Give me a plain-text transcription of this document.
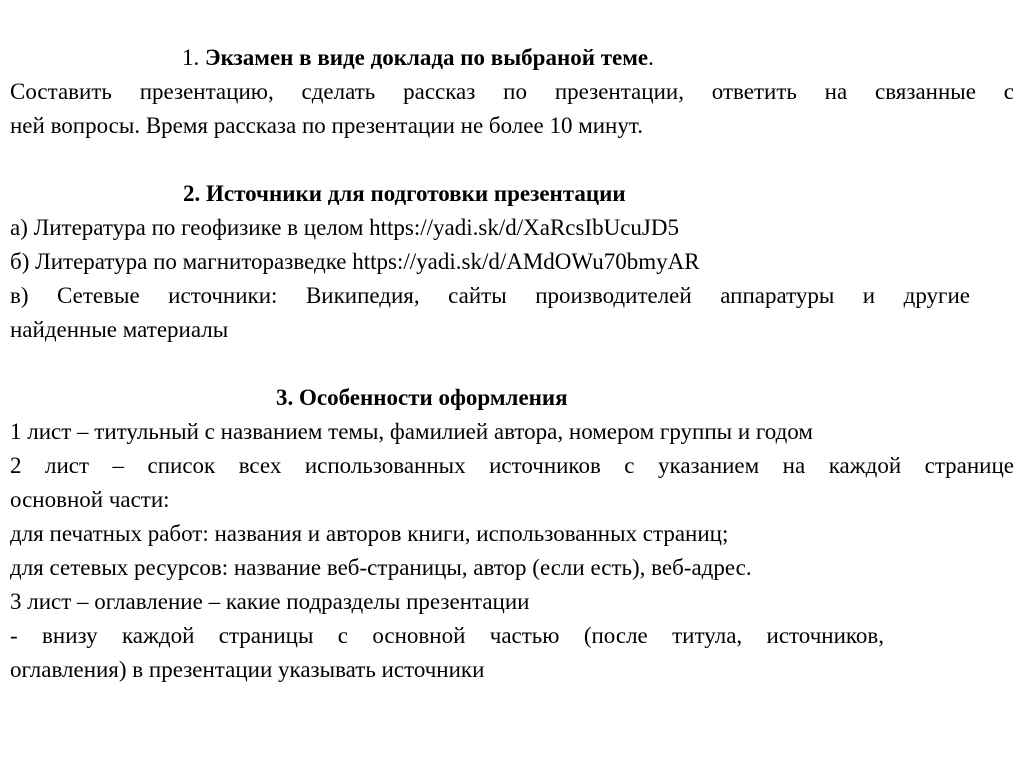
1. Экзамен в виде доклада по выбраной теме.
Составить презентацию, сделать рассказ по презентации, ответить на связанные с
ней вопросы. Время рассказа по презентации не более 10 минут.
2. Источники для подготовки презентации
а) Литература по геофизике в целом https://yadi.sk/d/XaRcsIbUcuJD5
б) Литература по магниторазведке https://yadi.sk/d/AMdOWu70bmyAR
в) Сетевые источники: Википедия, сайты производителей аппаратуры и другие
найденные материалы
3. Особенности оформления
1 лист – титульный с названием темы, фамилией автора, номером группы и годом
2 лист – список всех использованных источников с указанием на каждой странице
основной части:
для печатных работ: названия и авторов книги, использованных страниц;
для сетевых ресурсов: название веб-страницы, автор (если есть), веб-адрес.
3 лист – оглавление – какие подразделы презентации
- внизу каждой страницы с основной частью (после титула, источников,
оглавления) в презентации указывать источники
